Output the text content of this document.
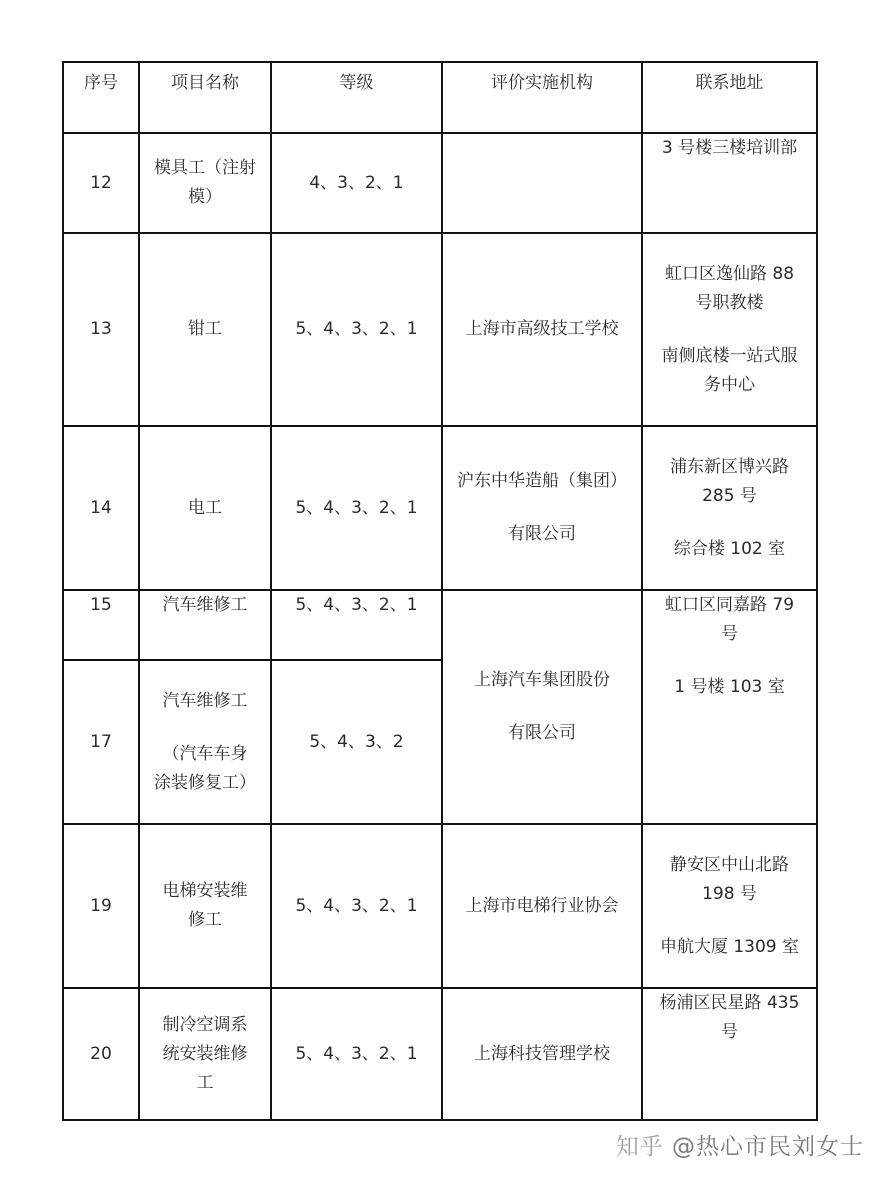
序号	项目名称	等级	评价实施机构	联系地址
12	模具工（注射
模）	4、3、2、1		3 号楼三楼培训部

13	钳工	5、4、3、2、1	上海市高级技工学校	虹口区逸仙路 88
号职教楼
南侧底楼一站式服
务中心

14	电工	5、4、3、2、1	沪东中华造船（集团）
有限公司	浦东新区博兴路
285 号
综合楼 102 室

15	汽车维修工	5、4、3、2、1	上海汽车集团股份
有限公司	虹口区同嘉路 79
号
1 号楼 103 室

17	汽车维修工
（汽车车身
涂装修复工）	5、4、3、2		
19	电梯安装维
修工	5、4、3、2、1	上海市电梯行业协会	静安区中山北路
198 号
申航大厦 1309 室

20	制冷空调系
统安装维修
工	5、4、3、2、1	上海科技管理学校	杨浦区民星路 435
号
知乎 @热心市民刘女士
